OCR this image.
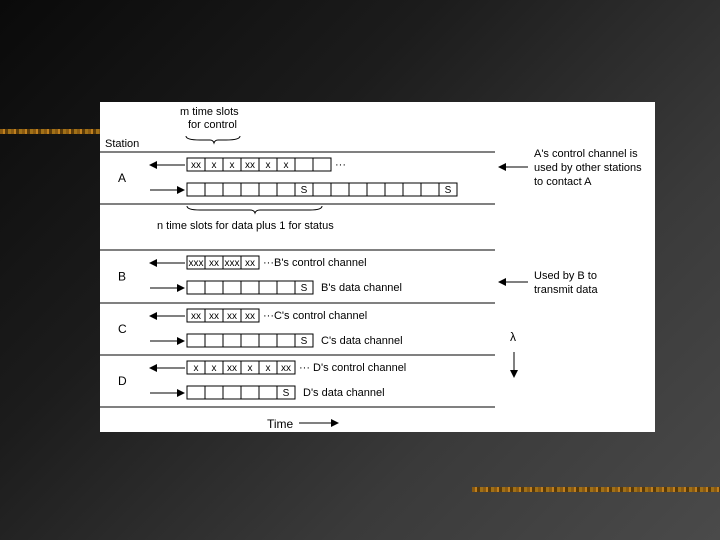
m time slots
for control
Station
n time slots for data plus 1 for status
A
xx x x xx x x	···
S	S
B
xxx xx xxx xx ···B's control channel
S B's data channel
C
xx xx xx xx ···C's control channel
S C's data channel
D
x x xx x x xx ··· D's control channel
S D's data channel
A's control channel is
used by other stations
to contact A
Used by B to
transmit data
λ
Time
